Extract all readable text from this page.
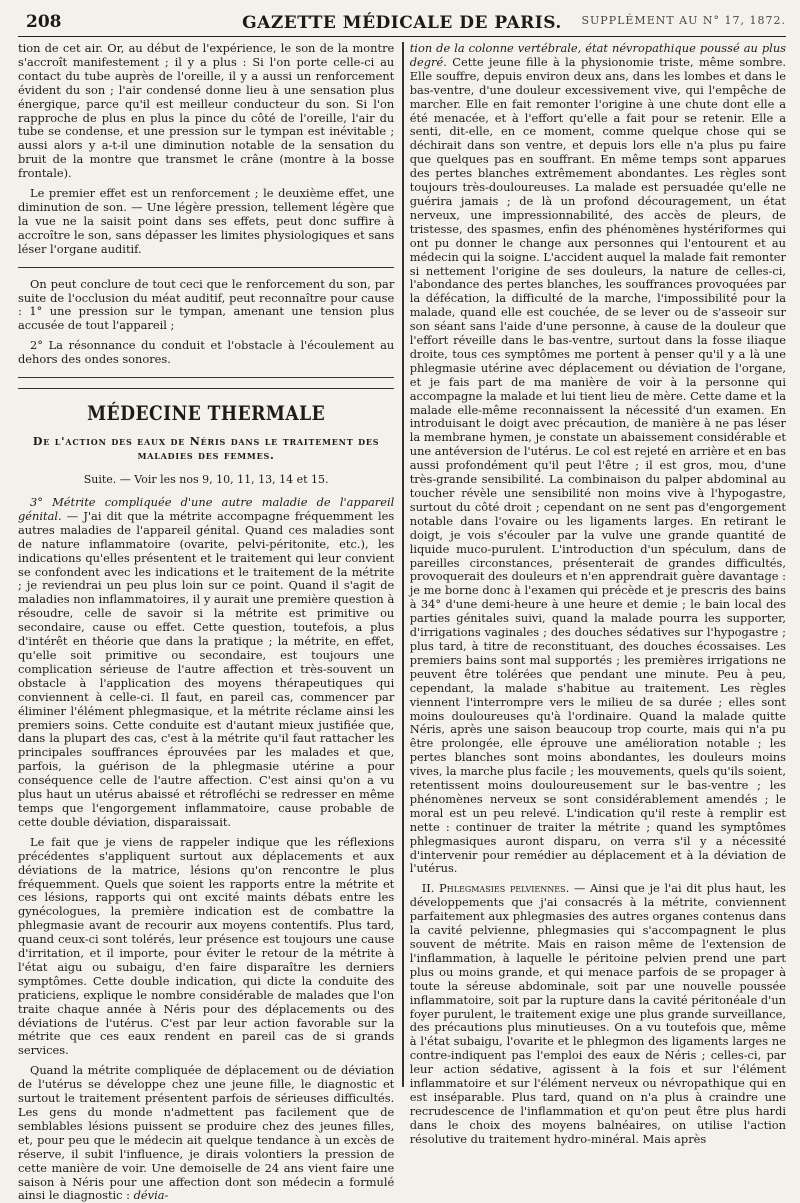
208	GAZETTE MÉDICALE DE PARIS.	SUPPLÉMENT AU N° 17, 1872.

tion de cet air. Or, au début de l'expérience, le son de la montre s'accroît manifestement ; il y a plus : Si l'on porte celle-ci au contact du tube auprès de l'oreille, il y a aussi un renforcement évident du son ; l'air condensé donne lieu à une sensation plus énergique, parce qu'il est meilleur conducteur du son. Si l'on rapproche de plus en plus la pince du côté de l'oreille, l'air du tube se condense, et une pression sur le tympan est inévitable ; aussi alors y a-t-il une diminution notable de la sensation du bruit de la montre que transmet le crâne (montre à la bosse frontale).

Le premier effet est un renforcement ; le deuxième effet, une diminution de son. — Une légère pression, tellement légère que la vue ne la saisit point dans ses effets, peut donc suffire à accroître le son, sans dépasser les limites physiologiques et sans léser l'organe auditif.

On peut conclure de tout ceci que le renforcement du son, par suite de l'occlusion du méat auditif, peut reconnaître pour cause : 1° une pression sur le tympan, amenant une tension plus accusée de tout l'appareil ;

2° La résonnance du conduit et l'obstacle à l'écoulement au dehors des ondes sonores.

MÉDECINE THERMALE
De l'action des eaux de Néris dans le traitement des maladies des femmes.
Suite. — Voir les nos 9, 10, 11, 13, 14 et 15.

3° Métrite compliquée d'une autre maladie de l'appareil génital. — J'ai dit que la métrite accompagne fréquemment les autres maladies de l'appareil génital. Quand ces maladies sont de nature inflammatoire (ovarite, pelvi-péritonite, etc.), les indications qu'elles présentent et le traitement qui leur convient se confondent avec les indications et le traitement de la métrite ; je reviendrai un peu plus loin sur ce point. Quand il s'agit de maladies non inflammatoires, il y aurait une première question à résoudre, celle de savoir si la métrite est primitive ou secondaire, cause ou effet. Cette question, toutefois, a plus d'intérêt en théorie que dans la pratique ; la métrite, en effet, qu'elle soit primitive ou secondaire, est toujours une complication sérieuse de l'autre affection et très-souvent un obstacle à l'application des moyens thérapeutiques qui conviennent à celle-ci. Il faut, en pareil cas, commencer par éliminer l'élément phlegmasique, et la métrite réclame ainsi les premiers soins. Cette conduite est d'autant mieux justifiée que, dans la plupart des cas, c'est à la métrite qu'il faut rattacher les principales souffrances éprouvées par les malades et que, parfois, la guérison de la phlegmasie utérine a pour conséquence celle de l'autre affection. C'est ainsi qu'on a vu plus haut un utérus abaissé et rétrofléchi se redresser en même temps que l'engorgement inflammatoire, cause probable de cette double déviation, disparaissait.

Le fait que je viens de rappeler indique que les réflexions précédentes s'appliquent surtout aux déplacements et aux déviations de la matrice, lésions qu'on rencontre le plus fréquemment. Quels que soient les rapports entre la métrite et ces lésions, rapports qui ont excité maints débats entre les gynécologues, la première indication est de combattre la phlegmasie avant de recourir aux moyens contentifs. Plus tard, quand ceux-ci sont tolérés, leur présence est toujours une cause d'irritation, et il importe, pour éviter le retour de la métrite à l'état aigu ou subaigu, d'en faire disparaître les derniers symptômes. Cette double indication, qui dicte la conduite des praticiens, explique le nombre considérable de malades que l'on traite chaque année à Néris pour des déplacements ou des déviations de l'utérus. C'est par leur action favorable sur la métrite que ces eaux rendent en pareil cas de si grands services.

Quand la métrite compliquée de déplacement ou de déviation de l'utérus se développe chez une jeune fille, le diagnostic et surtout le traitement présentent parfois de sérieuses difficultés. Les gens du monde n'admettent pas facilement que de semblables lésions puissent se produire chez des jeunes filles, et, pour peu que le médecin ait quelque tendance à un excès de réserve, il subit l'influence, je dirais volontiers la pression de cette manière de voir. Une demoiselle de 24 ans vient faire une saison à Néris pour une affection dont son médecin a formulé ainsi le diagnostic : dévia-

tion de la colonne vertébrale, état névropathique poussé au plus degré. Cette jeune fille à la physionomie triste, même sombre. Elle souffre, depuis environ deux ans, dans les lombes et dans le bas-ventre, d'une douleur excessivement vive, qui l'empêche de marcher. Elle en fait remonter l'origine à une chute dont elle a été menacée, et à l'effort qu'elle a fait pour se retenir. Elle a senti, dit-elle, en ce moment, comme quelque chose qui se déchirait dans son ventre, et depuis lors elle n'a plus pu faire que quelques pas en souffrant. En même temps sont apparues des pertes blanches extrêmement abondantes. Les règles sont toujours très-douloureuses. La malade est persuadée qu'elle ne guérira jamais ; de là un profond découragement, un état nerveux, une impressionnabilité, des accès de pleurs, de tristesse, des spasmes, enfin des phénomènes hystériformes qui ont pu donner le change aux personnes qui l'entourent et au médecin qui la soigne. L'accident auquel la malade fait remonter si nettement l'origine de ses douleurs, la nature de celles-ci, l'abondance des pertes blanches, les souffrances provoquées par la défécation, la difficulté de la marche, l'impossibilité pour la malade, quand elle est couchée, de se lever ou de s'asseoir sur son séant sans l'aide d'une personne, à cause de la douleur que l'effort réveille dans le bas-ventre, surtout dans la fosse iliaque droite, tous ces symptômes me portent à penser qu'il y a là une phlegmasie utérine avec déplacement ou déviation de l'organe, et je fais part de ma manière de voir à la personne qui accompagne la malade et lui tient lieu de mère. Cette dame et la malade elle-même reconnaissent la nécessité d'un examen. En introduisant le doigt avec précaution, de manière à ne pas léser la membrane hymen, je constate un abaissement considérable et une antéversion de l'utérus. Le col est rejeté en arrière et en bas aussi profondément qu'il peut l'être ; il est gros, mou, d'une très-grande sensibilité. La combinaison du palper abdominal au toucher révèle une sensibilité non moins vive à l'hypogastre, surtout du côté droit ; cependant on ne sent pas d'engorgement notable dans l'ovaire ou les ligaments larges. En retirant le doigt, je vois s'écouler par la vulve une grande quantité de liquide muco-purulent. L'introduction d'un spéculum, dans de pareilles circonstances, présenterait de grandes difficultés, provoquerait des douleurs et n'en apprendrait guère davantage : je me borne donc à l'examen qui précède et je prescris des bains à 34° d'une demi-heure à une heure et demie ; le bain local des parties génitales suivi, quand la malade pourra les supporter, d'irrigations vaginales ; des douches sédatives sur l'hypogastre ; plus tard, à titre de reconstituant, des douches écossaises. Les premiers bains sont mal supportés ; les premières irrigations ne peuvent être tolérées que pendant une minute. Peu à peu, cependant, la malade s'habitue au traitement. Les règles viennent l'interrompre vers le milieu de sa durée ; elles sont moins douloureuses qu'à l'ordinaire. Quand la malade quitte Néris, après une saison beaucoup trop courte, mais qui n'a pu être prolongée, elle éprouve une amélioration notable ; les pertes blanches sont moins abondantes, les douleurs moins vives, la marche plus facile ; les mouvements, quels qu'ils soient, retentissent moins douloureusement sur le bas-ventre ; les phénomènes nerveux se sont considérablement amendés ; le moral est un peu relevé. L'indication qu'il reste à remplir est nette : continuer de traiter la métrite ; quand les symptômes phlegmasiques auront disparu, on verra s'il y a nécessité d'intervenir pour remédier au déplacement et à la déviation de l'utérus.

II. Phlegmasies pelviennes. — Ainsi que je l'ai dit plus haut, les développements que j'ai consacrés à la métrite, conviennent parfaitement aux phlegmasies des autres organes contenus dans la cavité pelvienne, phlegmasies qui s'accompagnent le plus souvent de métrite. Mais en raison même de l'extension de l'inflammation, à laquelle le péritoine pelvien prend une part plus ou moins grande, et qui menace parfois de se propager à toute la séreuse abdominale, soit par une nouvelle poussée inflammatoire, soit par la rupture dans la cavité péritonéale d'un foyer purulent, le traitement exige une plus grande surveillance, des précautions plus minutieuses. On a vu toutefois que, même à l'état subaigu, l'ovarite et le phlegmon des ligaments larges ne contre-indiquent pas l'emploi des eaux de Néris ; celles-ci, par leur action sédative, agissent à la fois et sur l'élément inflammatoire et sur l'élément nerveux ou névropathique qui en est inséparable. Plus tard, quand on n'a plus à craindre une recrudescence de l'inflammation et qu'on peut être plus hardi dans le choix des moyens balnéaires, on utilise l'action résolutive du traitement hydro-minéral. Mais après
